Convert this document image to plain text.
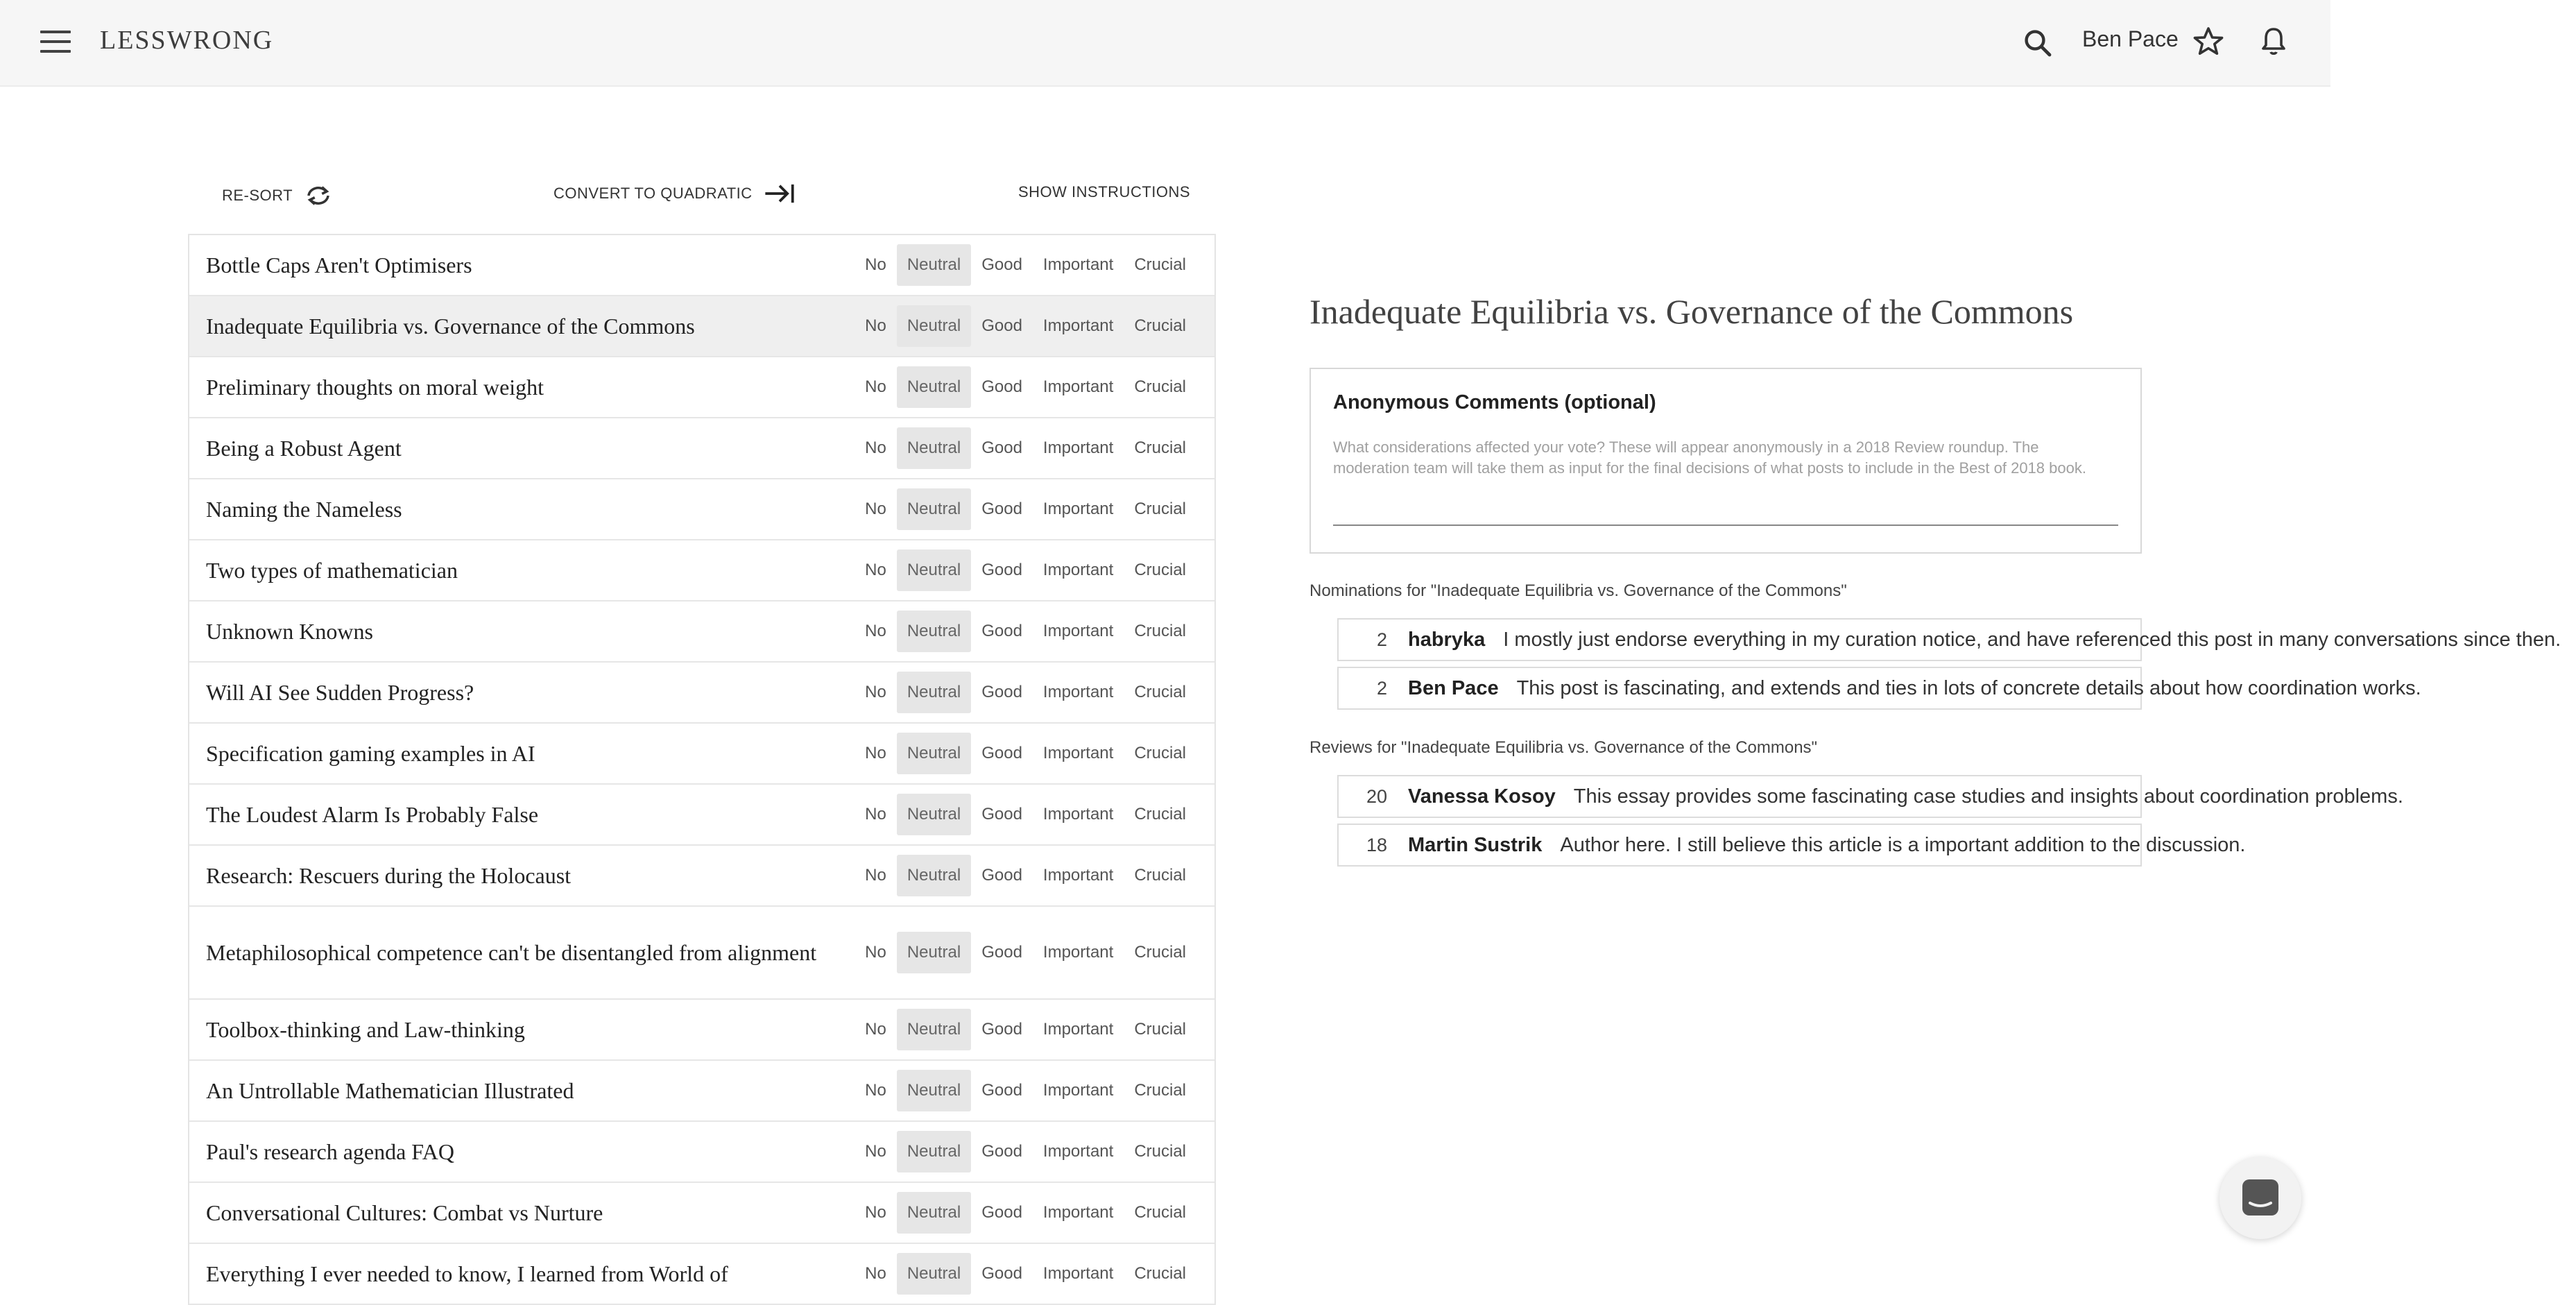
LESSWRONG	Ben Pace
RE-SORT	CONVERT TO QUADRATIC	SHOW INSTRUCTIONS
Bottle Caps Aren't Optimisers	No	Neutral	Good	Important	Crucial
Inadequate Equilibria vs. Governance of the Commons	No	Neutral	Good	Important	Crucial
Preliminary thoughts on moral weight	No	Neutral	Good	Important	Crucial
Being a Robust Agent	No	Neutral	Good	Important	Crucial
Naming the Nameless	No	Neutral	Good	Important	Crucial
Two types of mathematician	No	Neutral	Good	Important	Crucial
Unknown Knowns	No	Neutral	Good	Important	Crucial
Will AI See Sudden Progress?	No	Neutral	Good	Important	Crucial
Specification gaming examples in AI	No	Neutral	Good	Important	Crucial
The Loudest Alarm Is Probably False	No	Neutral	Good	Important	Crucial
Research: Rescuers during the Holocaust	No	Neutral	Good	Important	Crucial
Metaphilosophical competence can't be disentangled from alignment	No	Neutral	Good	Important	Crucial
Toolbox-thinking and Law-thinking	No	Neutral	Good	Important	Crucial
An Untrollable Mathematician Illustrated	No	Neutral	Good	Important	Crucial
Paul's research agenda FAQ	No	Neutral	Good	Important	Crucial
Conversational Cultures: Combat vs Nurture	No	Neutral	Good	Important	Crucial
Everything I ever needed to know, I learned from World of	No	Neutral	Good	Important	Crucial
Inadequate Equilibria vs. Governance of the Commons
Anonymous Comments (optional)
What considerations affected your vote? These will appear anonymously in a 2018 Review roundup. The moderation team will take them as input for the final decisions of what posts to include in the Best of 2018 book.
Nominations for "Inadequate Equilibria vs. Governance of the Commons"
2 habryka I mostly just endorse everything in my curation notice, and have referenced this post in many conversations since then.
2 Ben Pace This post is fascinating, and extends and ties in lots of concrete details about how coordination works.
Reviews for "Inadequate Equilibria vs. Governance of the Commons"
20 Vanessa Kosoy This essay provides some fascinating case studies and insights about coordination problems.
18 Martin Sustrik Author here. I still believe this article is a important addition to the discussion.
